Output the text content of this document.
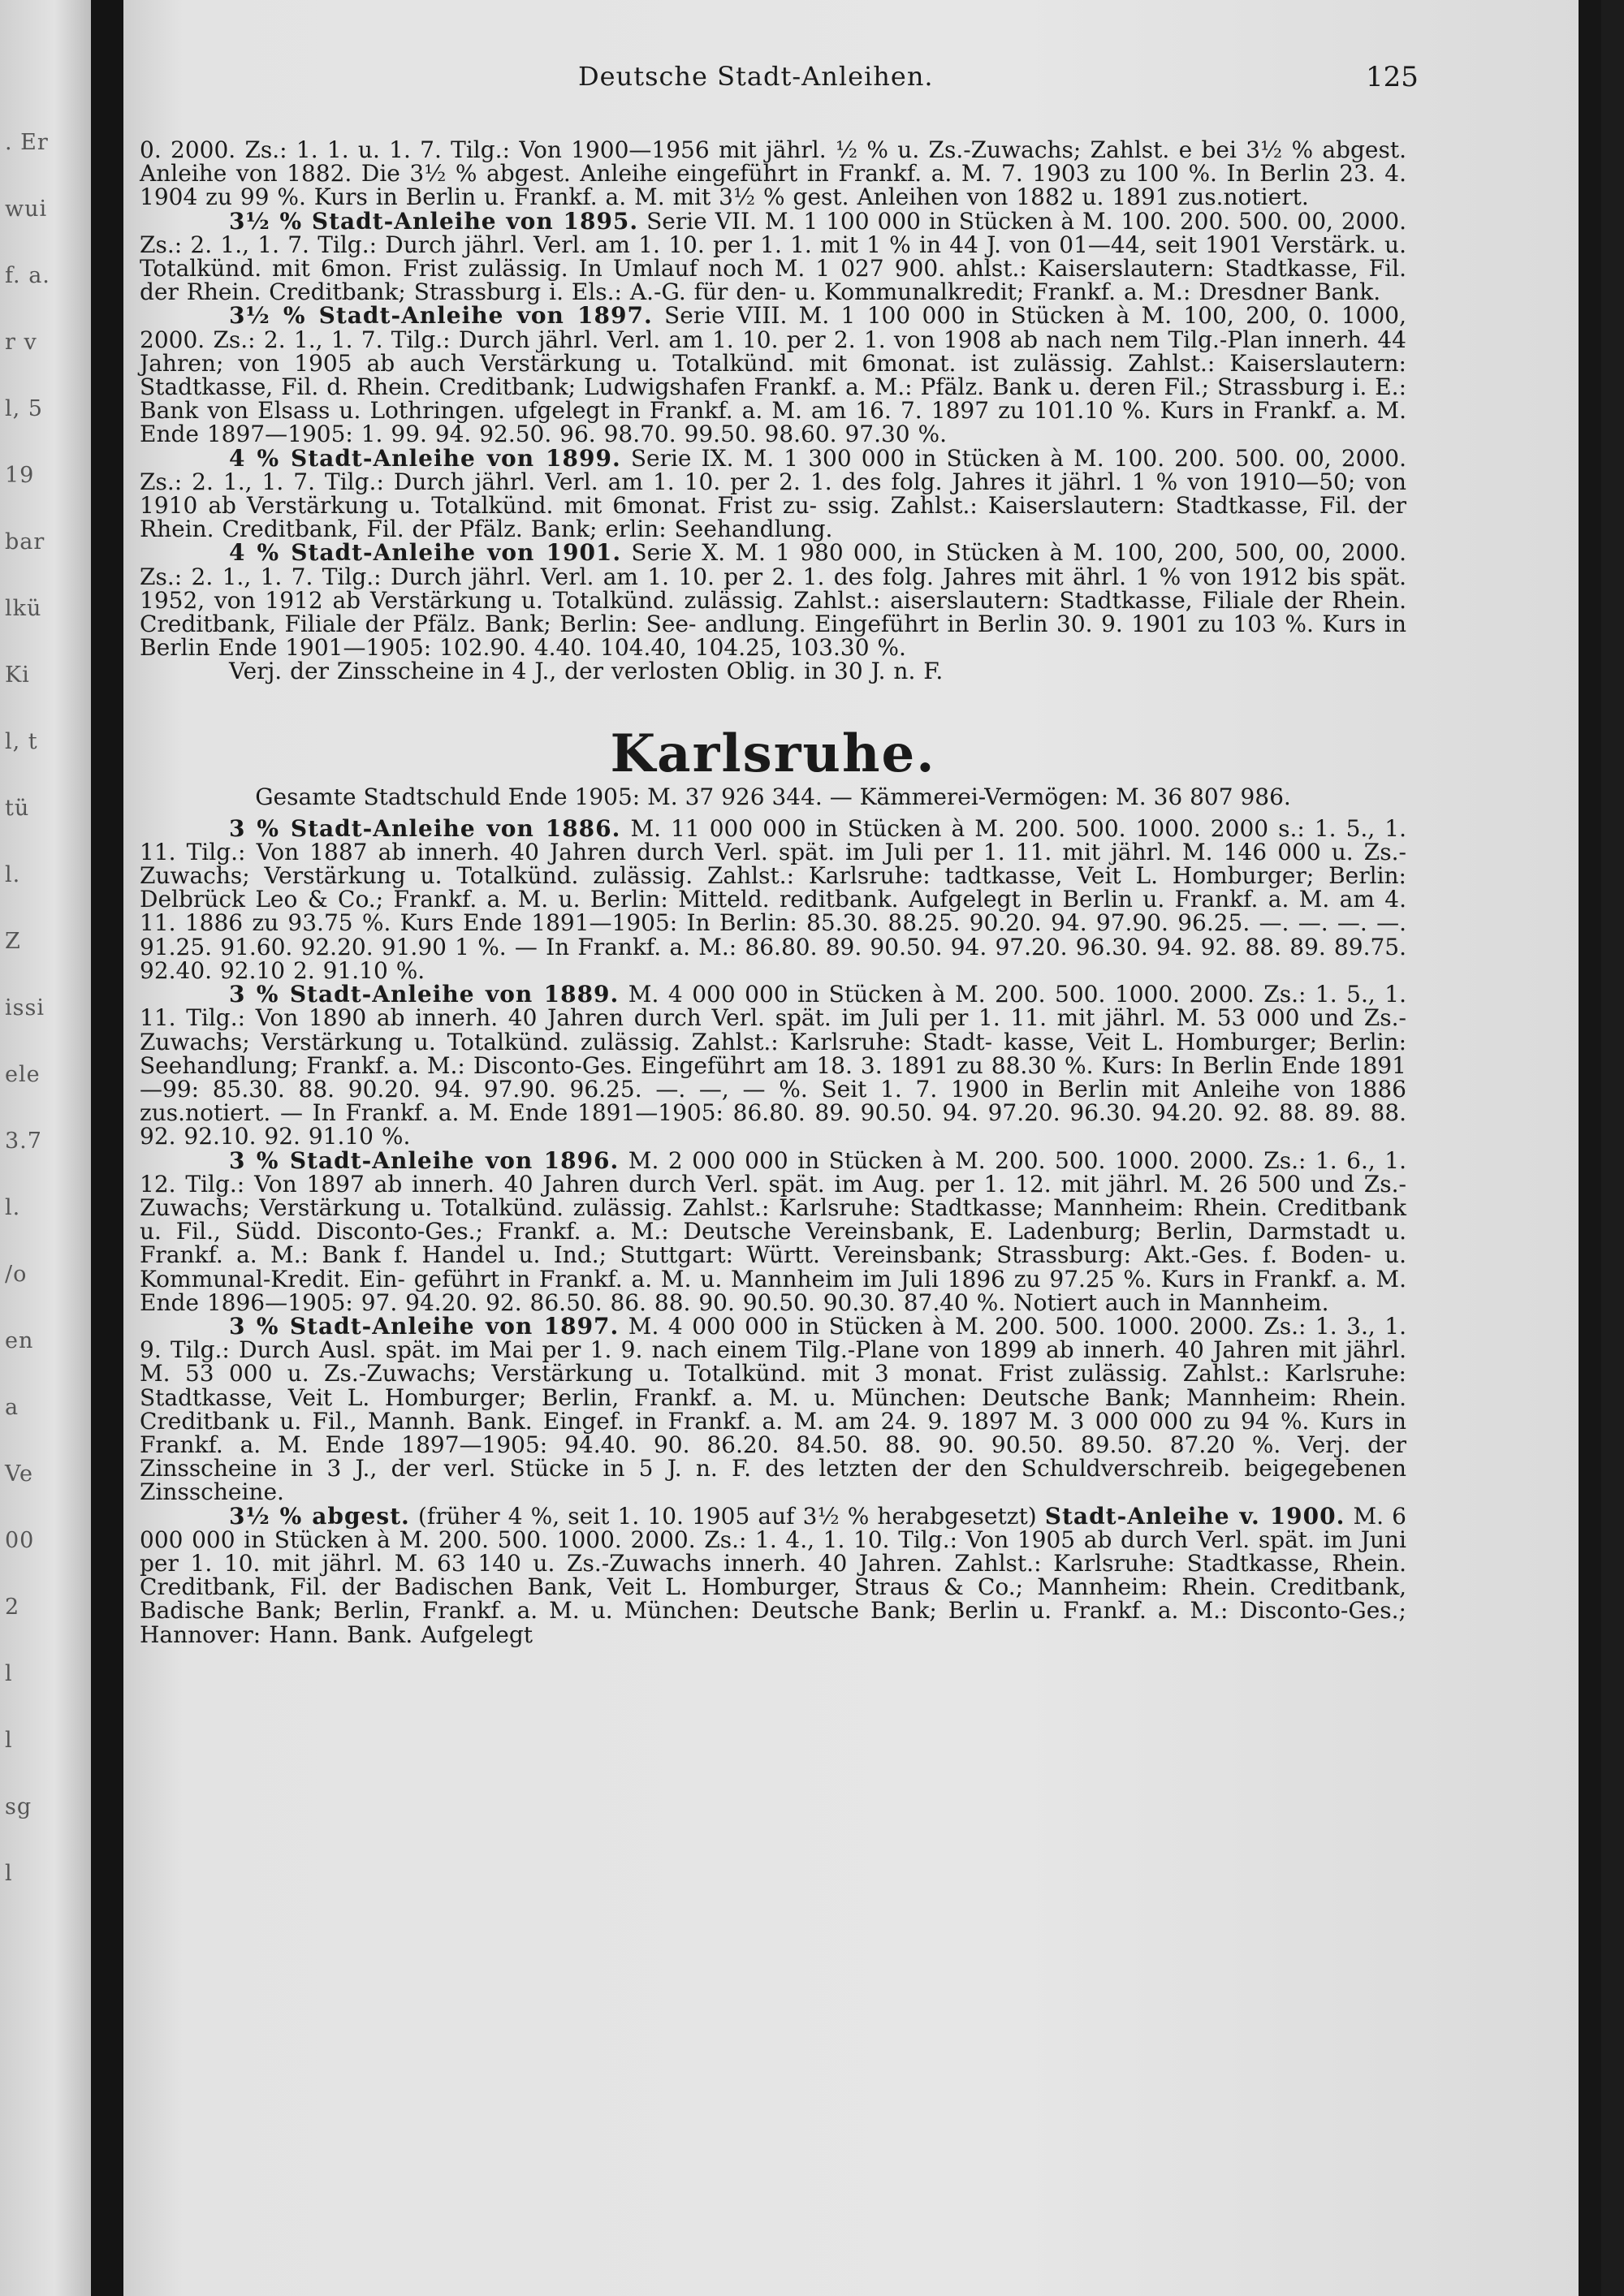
. Er
wui
f. a.
r v
l, 5
19
bar
lkü
Ki
l, t
tü
l.
Z
issi
ele
3.7
l.
/o
en
a
Ve
00
2
l
l
sg
l
Deutsche Stadt-Anleihen.	125

0. 2000. Zs.: 1. 1. u. 1. 7. Tilg.: Von 1900—1956 mit jährl. ½ % u. Zs.-Zuwachs; Zahlst. e bei 3½ % abgest. Anleihe von 1882. Die 3½ % abgest. Anleihe eingeführt in Frankf. a. M. 7. 1903 zu 100 %. In Berlin 23. 4. 1904 zu 99 %. Kurs in Berlin u. Frankf. a. M. mit 3½ % gest. Anleihen von 1882 u. 1891 zus.notiert.

3½ % Stadt-Anleihe von 1895. Serie VII. M. 1 100 000 in Stücken à M. 100. 200. 500. 00, 2000. Zs.: 2. 1., 1. 7. Tilg.: Durch jährl. Verl. am 1. 10. per 1. 1. mit 1 % in 44 J. von 01—44, seit 1901 Verstärk. u. Totalkünd. mit 6mon. Frist zulässig. In Umlauf noch M. 1 027 900. ahlst.: Kaiserslautern: Stadtkasse, Fil. der Rhein. Creditbank; Strassburg i. Els.: A.-G. für den- u. Kommunalkredit; Frankf. a. M.: Dresdner Bank.

3½ % Stadt-Anleihe von 1897. Serie VIII. M. 1 100 000 in Stücken à M. 100, 200, 0. 1000, 2000. Zs.: 2. 1., 1. 7. Tilg.: Durch jährl. Verl. am 1. 10. per 2. 1. von 1908 ab nach nem Tilg.-Plan innerh. 44 Jahren; von 1905 ab auch Verstärkung u. Totalkünd. mit 6monat. ist zulässig. Zahlst.: Kaiserslautern: Stadtkasse, Fil. d. Rhein. Creditbank; Ludwigshafen Frankf. a. M.: Pfälz. Bank u. deren Fil.; Strassburg i. E.: Bank von Elsass u. Lothringen. ufgelegt in Frankf. a. M. am 16. 7. 1897 zu 101.10 %. Kurs in Frankf. a. M. Ende 1897—1905: 1. 99. 94. 92.50. 96. 98.70. 99.50. 98.60. 97.30 %.

4 % Stadt-Anleihe von 1899. Serie IX. M. 1 300 000 in Stücken à M. 100. 200. 500. 00, 2000. Zs.: 2. 1., 1. 7. Tilg.: Durch jährl. Verl. am 1. 10. per 2. 1. des folg. Jahres it jährl. 1 % von 1910—50; von 1910 ab Verstärkung u. Totalkünd. mit 6monat. Frist zu- ssig. Zahlst.: Kaiserslautern: Stadtkasse, Fil. der Rhein. Creditbank, Fil. der Pfälz. Bank; erlin: Seehandlung.

4 % Stadt-Anleihe von 1901. Serie X. M. 1 980 000, in Stücken à M. 100, 200, 500, 00, 2000. Zs.: 2. 1., 1. 7. Tilg.: Durch jährl. Verl. am 1. 10. per 2. 1. des folg. Jahres mit ährl. 1 % von 1912 bis spät. 1952, von 1912 ab Verstärkung u. Totalkünd. zulässig. Zahlst.: aiserslautern: Stadtkasse, Filiale der Rhein. Creditbank, Filiale der Pfälz. Bank; Berlin: See- andlung. Eingeführt in Berlin 30. 9. 1901 zu 103 %. Kurs in Berlin Ende 1901—1905: 102.90. 4.40. 104.40, 104.25, 103.30 %.

Verj. der Zinsscheine in 4 J., der verlosten Oblig. in 30 J. n. F.

Karlsruhe.
Gesamte Stadtschuld Ende 1905: M. 37 926 344. — Kämmerei-Vermögen: M. 36 807 986.

3 % Stadt-Anleihe von 1886. M. 11 000 000 in Stücken à M. 200. 500. 1000. 2000 s.: 1. 5., 1. 11. Tilg.: Von 1887 ab innerh. 40 Jahren durch Verl. spät. im Juli per 1. 11. mit jährl. M. 146 000 u. Zs.-Zuwachs; Verstärkung u. Totalkünd. zulässig. Zahlst.: Karlsruhe: tadtkasse, Veit L. Homburger; Berlin: Delbrück Leo & Co.; Frankf. a. M. u. Berlin: Mitteld. reditbank. Aufgelegt in Berlin u. Frankf. a. M. am 4. 11. 1886 zu 93.75 %. Kurs Ende 1891—1905: In Berlin: 85.30. 88.25. 90.20. 94. 97.90. 96.25. —. —. —. —. 91.25. 91.60. 92.20. 91.90 1 %. — In Frankf. a. M.: 86.80. 89. 90.50. 94. 97.20. 96.30. 94. 92. 88. 89. 89.75. 92.40. 92.10 2. 91.10 %.

3 % Stadt-Anleihe von 1889. M. 4 000 000 in Stücken à M. 200. 500. 1000. 2000. Zs.: 1. 5., 1. 11. Tilg.: Von 1890 ab innerh. 40 Jahren durch Verl. spät. im Juli per 1. 11. mit jährl. M. 53 000 und Zs.-Zuwachs; Verstärkung u. Totalkünd. zulässig. Zahlst.: Karlsruhe: Stadt- kasse, Veit L. Homburger; Berlin: Seehandlung; Frankf. a. M.: Disconto-Ges. Eingeführt am 18. 3. 1891 zu 88.30 %. Kurs: In Berlin Ende 1891—99: 85.30. 88. 90.20. 94. 97.90. 96.25. —. —, — %. Seit 1. 7. 1900 in Berlin mit Anleihe von 1886 zus.notiert. — In Frankf. a. M. Ende 1891—1905: 86.80. 89. 90.50. 94. 97.20. 96.30. 94.20. 92. 88. 89. 88. 92. 92.10. 92. 91.10 %.

3 % Stadt-Anleihe von 1896. M. 2 000 000 in Stücken à M. 200. 500. 1000. 2000. Zs.: 1. 6., 1. 12. Tilg.: Von 1897 ab innerh. 40 Jahren durch Verl. spät. im Aug. per 1. 12. mit jährl. M. 26 500 und Zs.-Zuwachs; Verstärkung u. Totalkünd. zulässig. Zahlst.: Karlsruhe: Stadtkasse; Mannheim: Rhein. Creditbank u. Fil., Südd. Disconto-Ges.; Frankf. a. M.: Deutsche Vereinsbank, E. Ladenburg; Berlin, Darmstadt u. Frankf. a. M.: Bank f. Handel u. Ind.; Stuttgart: Württ. Vereinsbank; Strassburg: Akt.-Ges. f. Boden- u. Kommunal-Kredit. Ein- geführt in Frankf. a. M. u. Mannheim im Juli 1896 zu 97.25 %. Kurs in Frankf. a. M. Ende 1896—1905: 97. 94.20. 92. 86.50. 86. 88. 90. 90.50. 90.30. 87.40 %. Notiert auch in Mannheim.

3 % Stadt-Anleihe von 1897. M. 4 000 000 in Stücken à M. 200. 500. 1000. 2000. Zs.: 1. 3., 1. 9. Tilg.: Durch Ausl. spät. im Mai per 1. 9. nach einem Tilg.-Plane von 1899 ab innerh. 40 Jahren mit jährl. M. 53 000 u. Zs.-Zuwachs; Verstärkung u. Totalkünd. mit 3 monat. Frist zulässig. Zahlst.: Karlsruhe: Stadtkasse, Veit L. Homburger; Berlin, Frankf. a. M. u. München: Deutsche Bank; Mannheim: Rhein. Creditbank u. Fil., Mannh. Bank. Eingef. in Frankf. a. M. am 24. 9. 1897 M. 3 000 000 zu 94 %. Kurs in Frankf. a. M. Ende 1897—1905: 94.40. 90. 86.20. 84.50. 88. 90. 90.50. 89.50. 87.20 %. Verj. der Zinsscheine in 3 J., der verl. Stücke in 5 J. n. F. des letzten der den Schuldverschreib. beigegebenen Zinsscheine.

3½ % abgest. (früher 4 %, seit 1. 10. 1905 auf 3½ % herabgesetzt) Stadt-Anleihe v. 1900. M. 6 000 000 in Stücken à M. 200. 500. 1000. 2000. Zs.: 1. 4., 1. 10. Tilg.: Von 1905 ab durch Verl. spät. im Juni per 1. 10. mit jährl. M. 63 140 u. Zs.-Zuwachs innerh. 40 Jahren. Zahlst.: Karlsruhe: Stadtkasse, Rhein. Creditbank, Fil. der Badischen Bank, Veit L. Homburger, Straus & Co.; Mannheim: Rhein. Creditbank, Badische Bank; Berlin, Frankf. a. M. u. München: Deutsche Bank; Berlin u. Frankf. a. M.: Disconto-Ges.; Hannover: Hann. Bank. Aufgelegt
